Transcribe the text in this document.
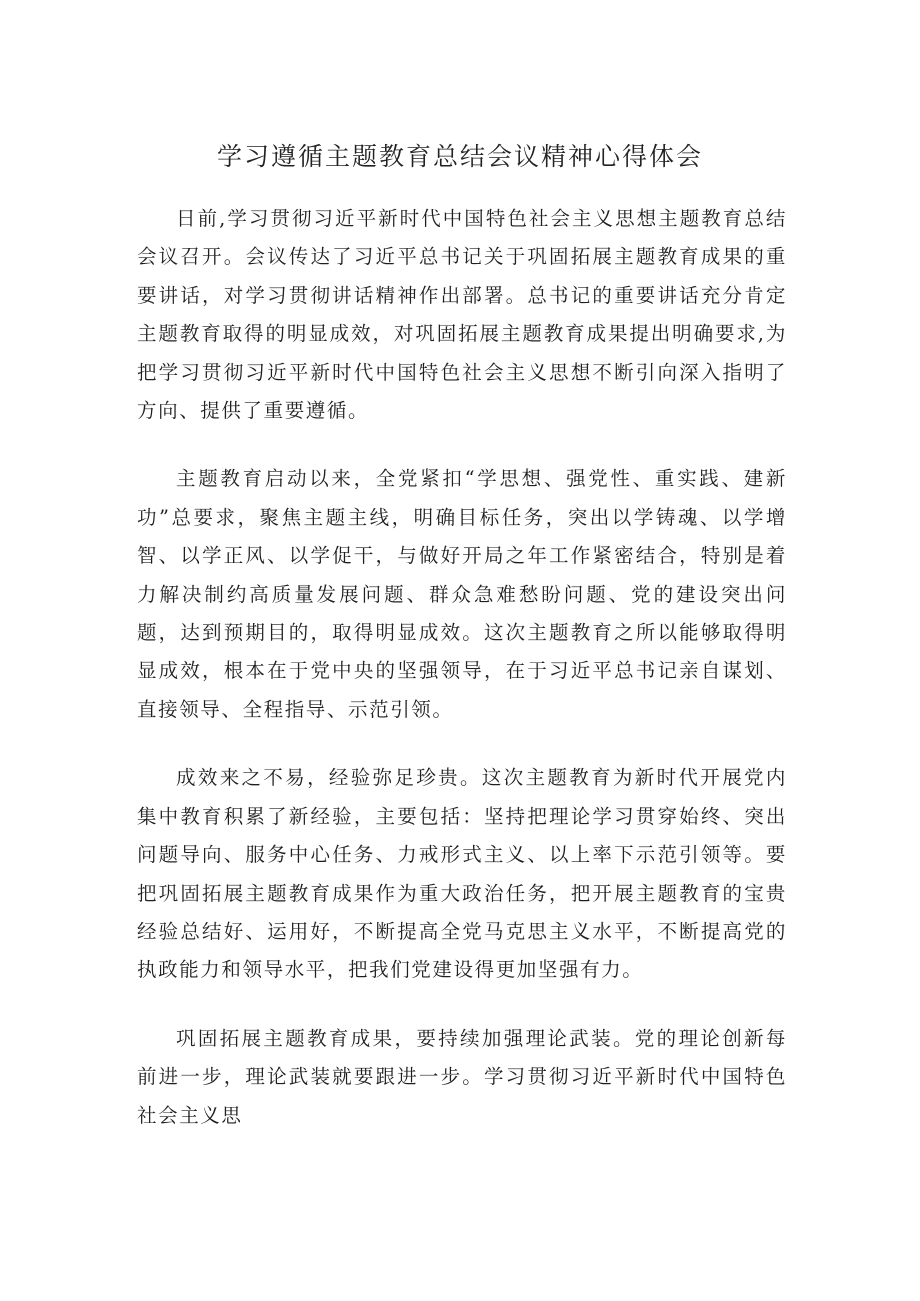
学习遵循主题教育总结会议精神心得体会

日前,学习贯彻习近平新时代中国特色社会主义思想主题教育总结会议召开。会议传达了习近平总书记关于巩固拓展主题教育成果的重要讲话，对学习贯彻讲话精神作出部署。总书记的重要讲话充分肯定主题教育取得的明显成效，对巩固拓展主题教育成果提出明确要求,为把学习贯彻习近平新时代中国特色社会主义思想不断引向深入指明了方向、提供了重要遵循。

主题教育启动以来，全党紧扣“学思想、强党性、重实践、建新功”总要求，聚焦主题主线，明确目标任务，突出以学铸魂、以学增智、以学正风、以学促干，与做好开局之年工作紧密结合，特别是着力解决制约高质量发展问题、群众急难愁盼问题、党的建设突出问题，达到预期目的，取得明显成效。这次主题教育之所以能够取得明显成效，根本在于党中央的坚强领导，在于习近平总书记亲自谋划、直接领导、全程指导、示范引领。

成效来之不易，经验弥足珍贵。这次主题教育为新时代开展党内集中教育积累了新经验，主要包括：坚持把理论学习贯穿始终、突出问题导向、服务中心任务、力戒形式主义、以上率下示范引领等。要把巩固拓展主题教育成果作为重大政治任务，把开展主题教育的宝贵经验总结好、运用好，不断提高全党马克思主义水平，不断提高党的执政能力和领导水平，把我们党建设得更加坚强有力。

巩固拓展主题教育成果，要持续加强理论武装。党的理论创新每前进一步，理论武装就要跟进一步。学习贯彻习近平新时代中国特色社会主义思
